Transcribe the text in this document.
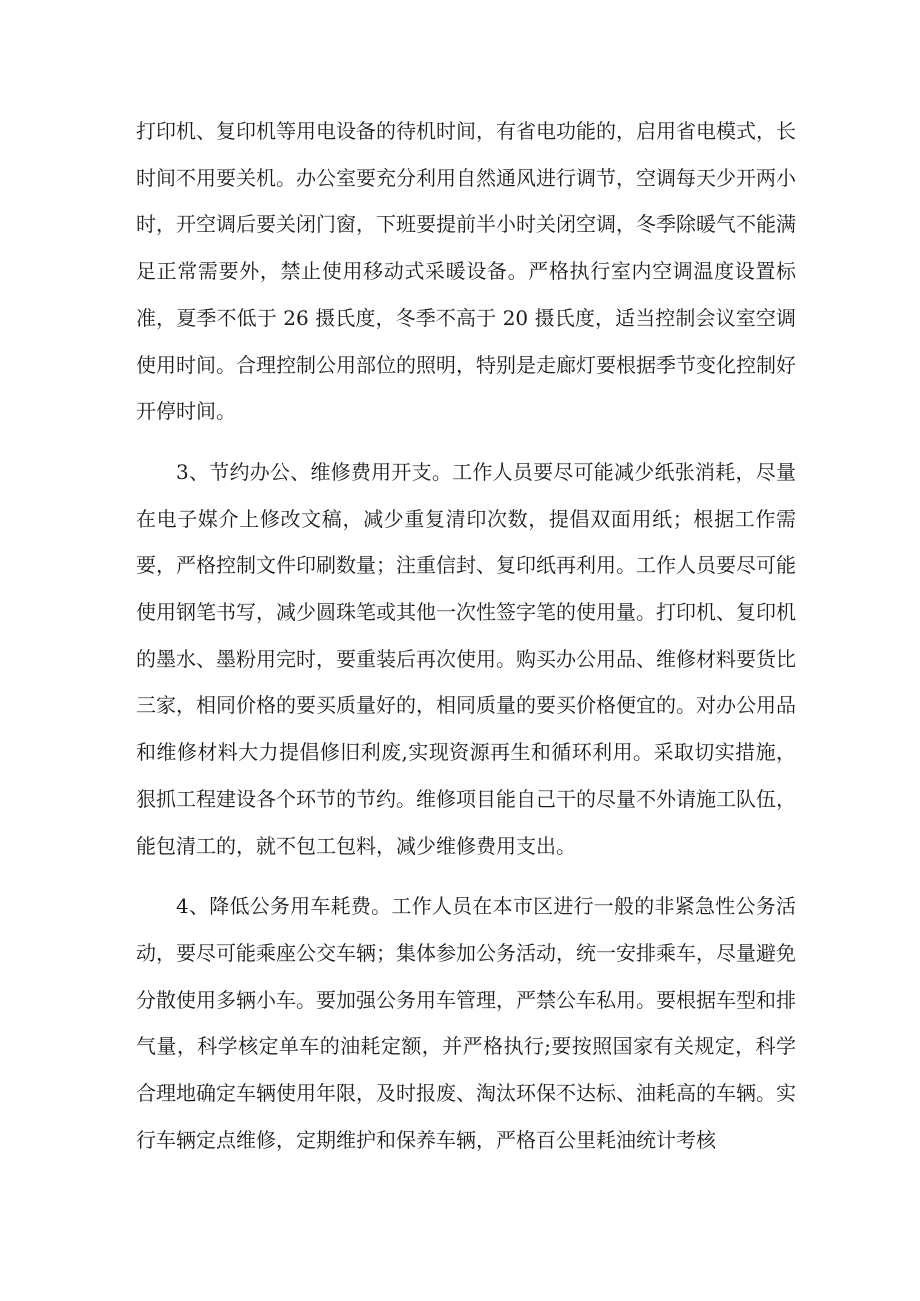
打印机、复印机等用电设备的待机时间，有省电功能的，启用省电模式，长时间不用要关机。办公室要充分利用自然通风进行调节，空调每天少开两小时，开空调后要关闭门窗，下班要提前半小时关闭空调，冬季除暖气不能满足正常需要外，禁止使用移动式采暖设备。严格执行室内空调温度设置标准，夏季不低于 26 摄氏度，冬季不高于 20 摄氏度，适当控制会议室空调使用时间。合理控制公用部位的照明，特别是走廊灯要根据季节变化控制好开停时间。

3、节约办公、维修费用开支。工作人员要尽可能减少纸张消耗，尽量在电子媒介上修改文稿，减少重复清印次数，提倡双面用纸；根据工作需要，严格控制文件印刷数量；注重信封、复印纸再利用。工作人员要尽可能使用钢笔书写，减少圆珠笔或其他一次性签字笔的使用量。打印机、复印机的墨水、墨粉用完时，要重装后再次使用。购买办公用品、维修材料要货比三家，相同价格的要买质量好的，相同质量的要买价格便宜的。对办公用品和维修材料大力提倡修旧利废,实现资源再生和循环利用。采取切实措施，狠抓工程建设各个环节的节约。维修项目能自己干的尽量不外请施工队伍，能包清工的，就不包工包料，减少维修费用支出。

4、降低公务用车耗费。工作人员在本市区进行一般的非紧急性公务活动，要尽可能乘座公交车辆；集体参加公务活动，统一安排乘车，尽量避免分散使用多辆小车。要加强公务用车管理，严禁公车私用。要根据车型和排气量，科学核定单车的油耗定额，并严格执行;要按照国家有关规定，科学合理地确定车辆使用年限，及时报废、淘汰环保不达标、油耗高的车辆。实行车辆定点维修，定期维护和保养车辆，严格百公里耗油统计考核
